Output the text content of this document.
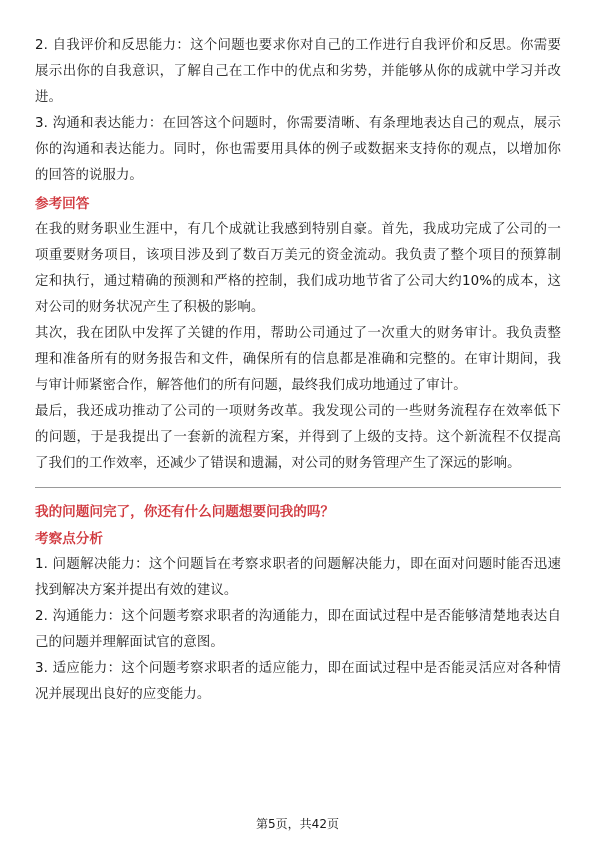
2. 自我评价和反思能力：这个问题也要求你对自己的工作进行自我评价和反思。你需要展示出你的自我意识，了解自己在工作中的优点和劣势，并能够从你的成就中学习并改进。

3. 沟通和表达能力：在回答这个问题时，你需要清晰、有条理地表达自己的观点，展示你的沟通和表达能力。同时，你也需要用具体的例子或数据来支持你的观点，以增加你的回答的说服力。

参考回答

在我的财务职业生涯中，有几个成就让我感到特别自豪。首先，我成功完成了公司的一项重要财务项目，该项目涉及到了数百万美元的资金流动。我负责了整个项目的预算制定和执行，通过精确的预测和严格的控制，我们成功地节省了公司大约10%的成本，这对公司的财务状况产生了积极的影响。

其次，我在团队中发挥了关键的作用，帮助公司通过了一次重大的财务审计。我负责整理和准备所有的财务报告和文件，确保所有的信息都是准确和完整的。在审计期间，我与审计师紧密合作，解答他们的所有问题，最终我们成功地通过了审计。

最后，我还成功推动了公司的一项财务改革。我发现公司的一些财务流程存在效率低下的问题，于是我提出了一套新的流程方案，并得到了上级的支持。这个新流程不仅提高了我们的工作效率，还减少了错误和遗漏，对公司的财务管理产生了深远的影响。

我的问题问完了，你还有什么问题想要问我的吗？

考察点分析

1. 问题解决能力：这个问题旨在考察求职者的问题解决能力，即在面对问题时能否迅速找到解决方案并提出有效的建议。

2. 沟通能力：这个问题考察求职者的沟通能力，即在面试过程中是否能够清楚地表达自己的问题并理解面试官的意图。

3. 适应能力：这个问题考察求职者的适应能力，即在面试过程中是否能灵活应对各种情况并展现出良好的应变能力。

第5页，共42页
